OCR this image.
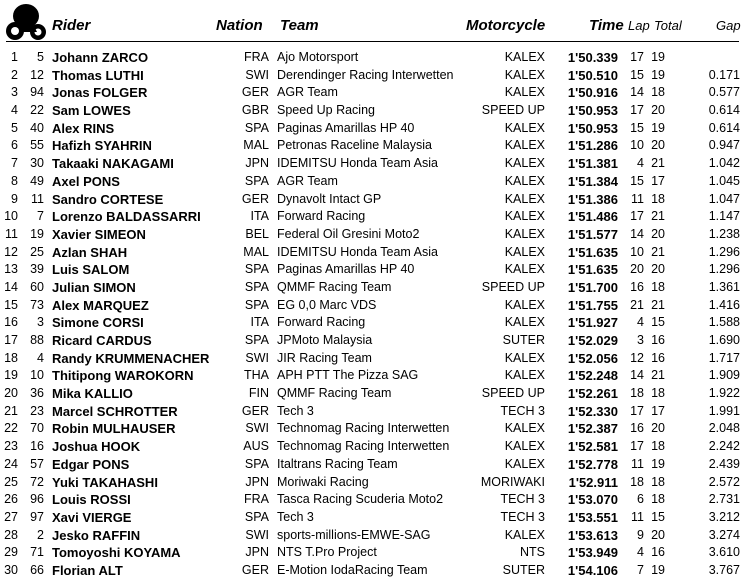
Rider	Nation Team	Motorcycle	Time Lap Total	Gap
1 5 Johann ZARCO	FRA Ajo Motorsport	KALEX 1'50.339 17 19
2 12 Thomas LUTHI	SWI Derendinger Racing Interwetten	KALEX 1'50.510 15 19	0.171
3 94 Jonas FOLGER	GER AGR Team	KALEX 1'50.916 14 18	0.577
4 22 Sam LOWES	GBR Speed Up Racing	SPEED UP 1'50.953 17 20	0.614
5 40 Alex RINS	SPA Paginas Amarillas HP 40	KALEX 1'50.953 15 19	0.614
6 55 Hafizh SYAHRIN	MAL Petronas Raceline Malaysia	KALEX 1'51.286 10 20	0.947
7 30 Takaaki NAKAGAMI	JPN IDEMITSU Honda Team Asia	KALEX 1'51.381 4 21	1.042
8 49 Axel PONS	SPA AGR Team	KALEX 1'51.384 15 17	1.045
9 11 Sandro CORTESE	GER Dynavolt Intact GP	KALEX 1'51.386 11 18	1.047
10 7 Lorenzo BALDASSARRI	ITA Forward Racing	KALEX 1'51.486 17 21	1.147
11 19 Xavier SIMEON	BEL Federal Oil Gresini Moto2	KALEX 1'51.577 14 20	1.238
12 25 Azlan SHAH	MAL IDEMITSU Honda Team Asia	KALEX 1'51.635 10 21	1.296
13 39 Luis SALOM	SPA Paginas Amarillas HP 40	KALEX 1'51.635 20 20	1.296
14 60 Julian SIMON	SPA QMMF Racing Team	SPEED UP 1'51.700 16 18	1.361
15 73 Alex MARQUEZ	SPA EG 0,0 Marc VDS	KALEX 1'51.755 21 21	1.416
16 3 Simone CORSI	ITA Forward Racing	KALEX 1'51.927 4 15	1.588
17 88 Ricard CARDUS	SPA JPMoto Malaysia	SUTER 1'52.029 3 16	1.690
18 4 Randy KRUMMENACHER	SWI JIR Racing Team	KALEX 1'52.056 12 16	1.717
19 10 Thitipong WAROKORN	THA APH PTT The Pizza SAG	KALEX 1'52.248 14 21	1.909
20 36 Mika KALLIO	FIN QMMF Racing Team	SPEED UP 1'52.261 18 18	1.922
21 23 Marcel SCHROTTER	GER Tech 3	TECH 3 1'52.330 17 17	1.991
22 70 Robin MULHAUSER	SWI Technomag Racing Interwetten	KALEX 1'52.387 16 20	2.048
23 16 Joshua HOOK	AUS Technomag Racing Interwetten	KALEX 1'52.581 17 18	2.242
24 57 Edgar PONS	SPA Italtrans Racing Team	KALEX 1'52.778 11 19	2.439
25 72 Yuki TAKAHASHI	JPN Moriwaki Racing	MORIWAKI 1'52.911 18 18	2.572
26 96 Louis ROSSI	FRA Tasca Racing Scuderia Moto2	TECH 3 1'53.070 6 18	2.731
27 97 Xavi VIERGE	SPA Tech 3	TECH 3 1'53.551 11 15	3.212
28 2 Jesko RAFFIN	SWI sports-millions-EMWE-SAG	KALEX 1'53.613 9 20	3.274
29 71 Tomoyoshi KOYAMA	JPN NTS T.Pro Project	NTS 1'53.949 4 16	3.610
30 66 Florian ALT	GER E-Motion IodaRacing Team	SUTER 1'54.106 7 19	3.767
